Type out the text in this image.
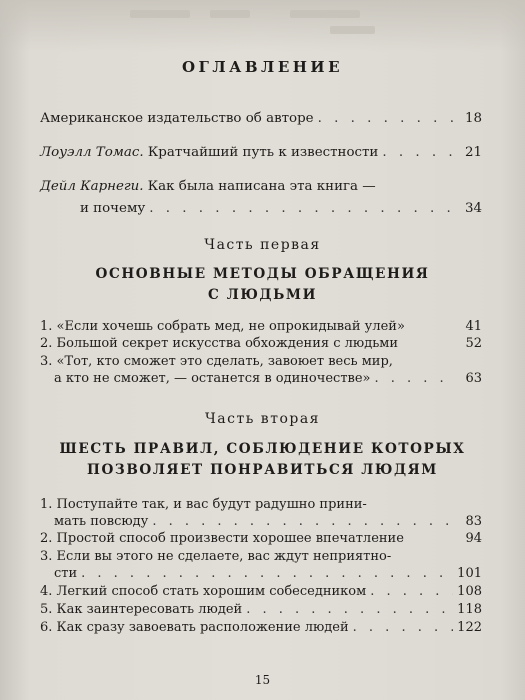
ОГЛАВЛЕНИЕ
Американское издательство об авторе . . .	18
Лоуэлл Томас. Кратчайший путь к известности . . .	21
Дейл Карнеги. Как была написана эта книга —
и почему . . .	34
Часть первая
ОСНОВНЫЕ МЕТОДЫ ОБРАЩЕНИЯ
С ЛЮДЬМИ
1. «Если хочешь собрать мед, не опрокидывай улей»	41
2. Большой секрет искусства обхождения с людьми	52
3. «Тот, кто сможет это сделать, завоюет весь мир,
а кто не сможет, — останется в одиночестве» . . .	63
Часть вторая
ШЕСТЬ ПРАВИЛ, СОБЛЮДЕНИЕ КОТОРЫХ
ПОЗВОЛЯЕТ ПОНРАВИТЬСЯ ЛЮДЯМ
1. Поступайте так, и вас будут радушно прини-
мать повсюду . . .	83
2. Простой способ произвести хорошее впечатление	94
3. Если вы этого не сделаете, вас ждут неприятно-
сти . . .	101
4. Легкий способ стать хорошим собеседником . . .	108
5. Как заинтересовать людей . . .	118
6. Как сразу завоевать расположение людей . . .	122
15
